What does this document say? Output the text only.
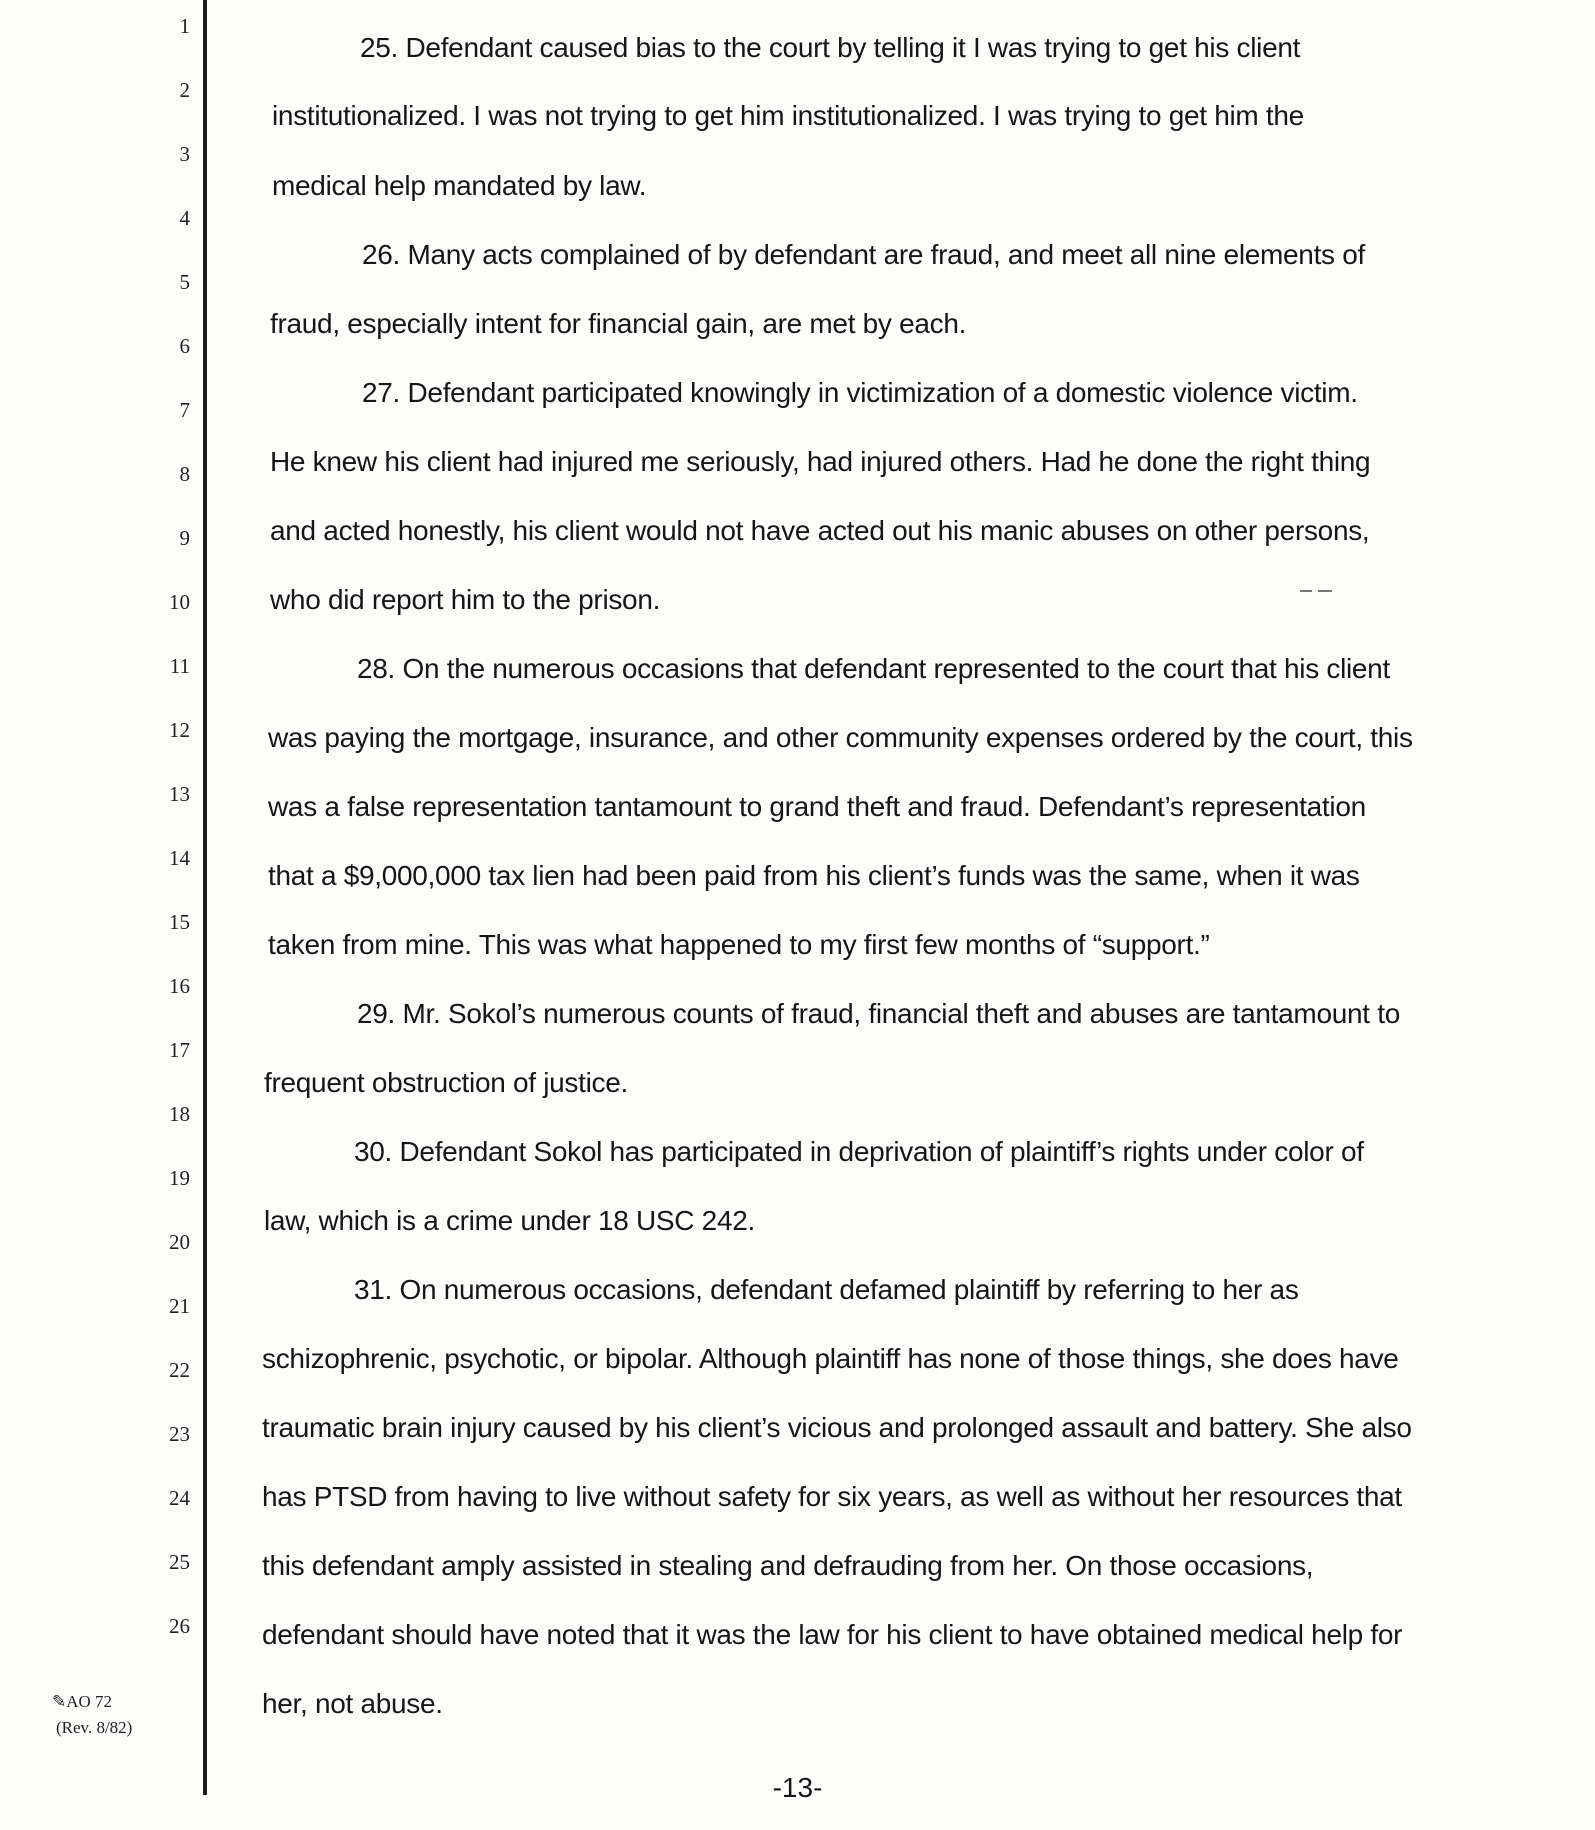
1
2
3
4
5
6
7
8
9
10
11
12
13
14
15
16
17
18
19
20
21
22
23
24
25
26
✎AO 72
(Rev. 8/82)
25. Defendant caused bias to the court by telling it I was trying to get his client
institutionalized. I was not trying to get him institutionalized. I was trying to get him the
medical help mandated by law.
26. Many acts complained of by defendant are fraud, and meet all nine elements of
fraud, especially intent for financial gain, are met by each.
27. Defendant participated knowingly in victimization of a domestic violence victim.
He knew his client had injured me seriously, had injured others. Had he done the right thing
and acted honestly, his client would not have acted out his manic abuses on other persons,
who did report him to the prison.
28. On the numerous occasions that defendant represented to the court that his client
was paying the mortgage, insurance, and other community expenses ordered by the court, this
was a false representation tantamount to grand theft and fraud. Defendant’s representation
that a $9,000,000 tax lien had been paid from his client’s funds was the same, when it was
taken from mine. This was what happened to my first few months of “support.”
29. Mr. Sokol’s numerous counts of fraud, financial theft and abuses are tantamount to
frequent obstruction of justice.
30. Defendant Sokol has participated in deprivation of plaintiff’s rights under color of
law, which is a crime under 18 USC 242.
31. On numerous occasions, defendant defamed plaintiff by referring to her as
schizophrenic, psychotic, or bipolar. Although plaintiff has none of those things, she does have
traumatic brain injury caused by his client’s vicious and prolonged assault and battery. She also
has PTSD from having to live without safety for six years, as well as without her resources that
this defendant amply assisted in stealing and defrauding from her. On those occasions,
defendant should have noted that it was the law for his client to have obtained medical help for
her, not abuse.
-13-
